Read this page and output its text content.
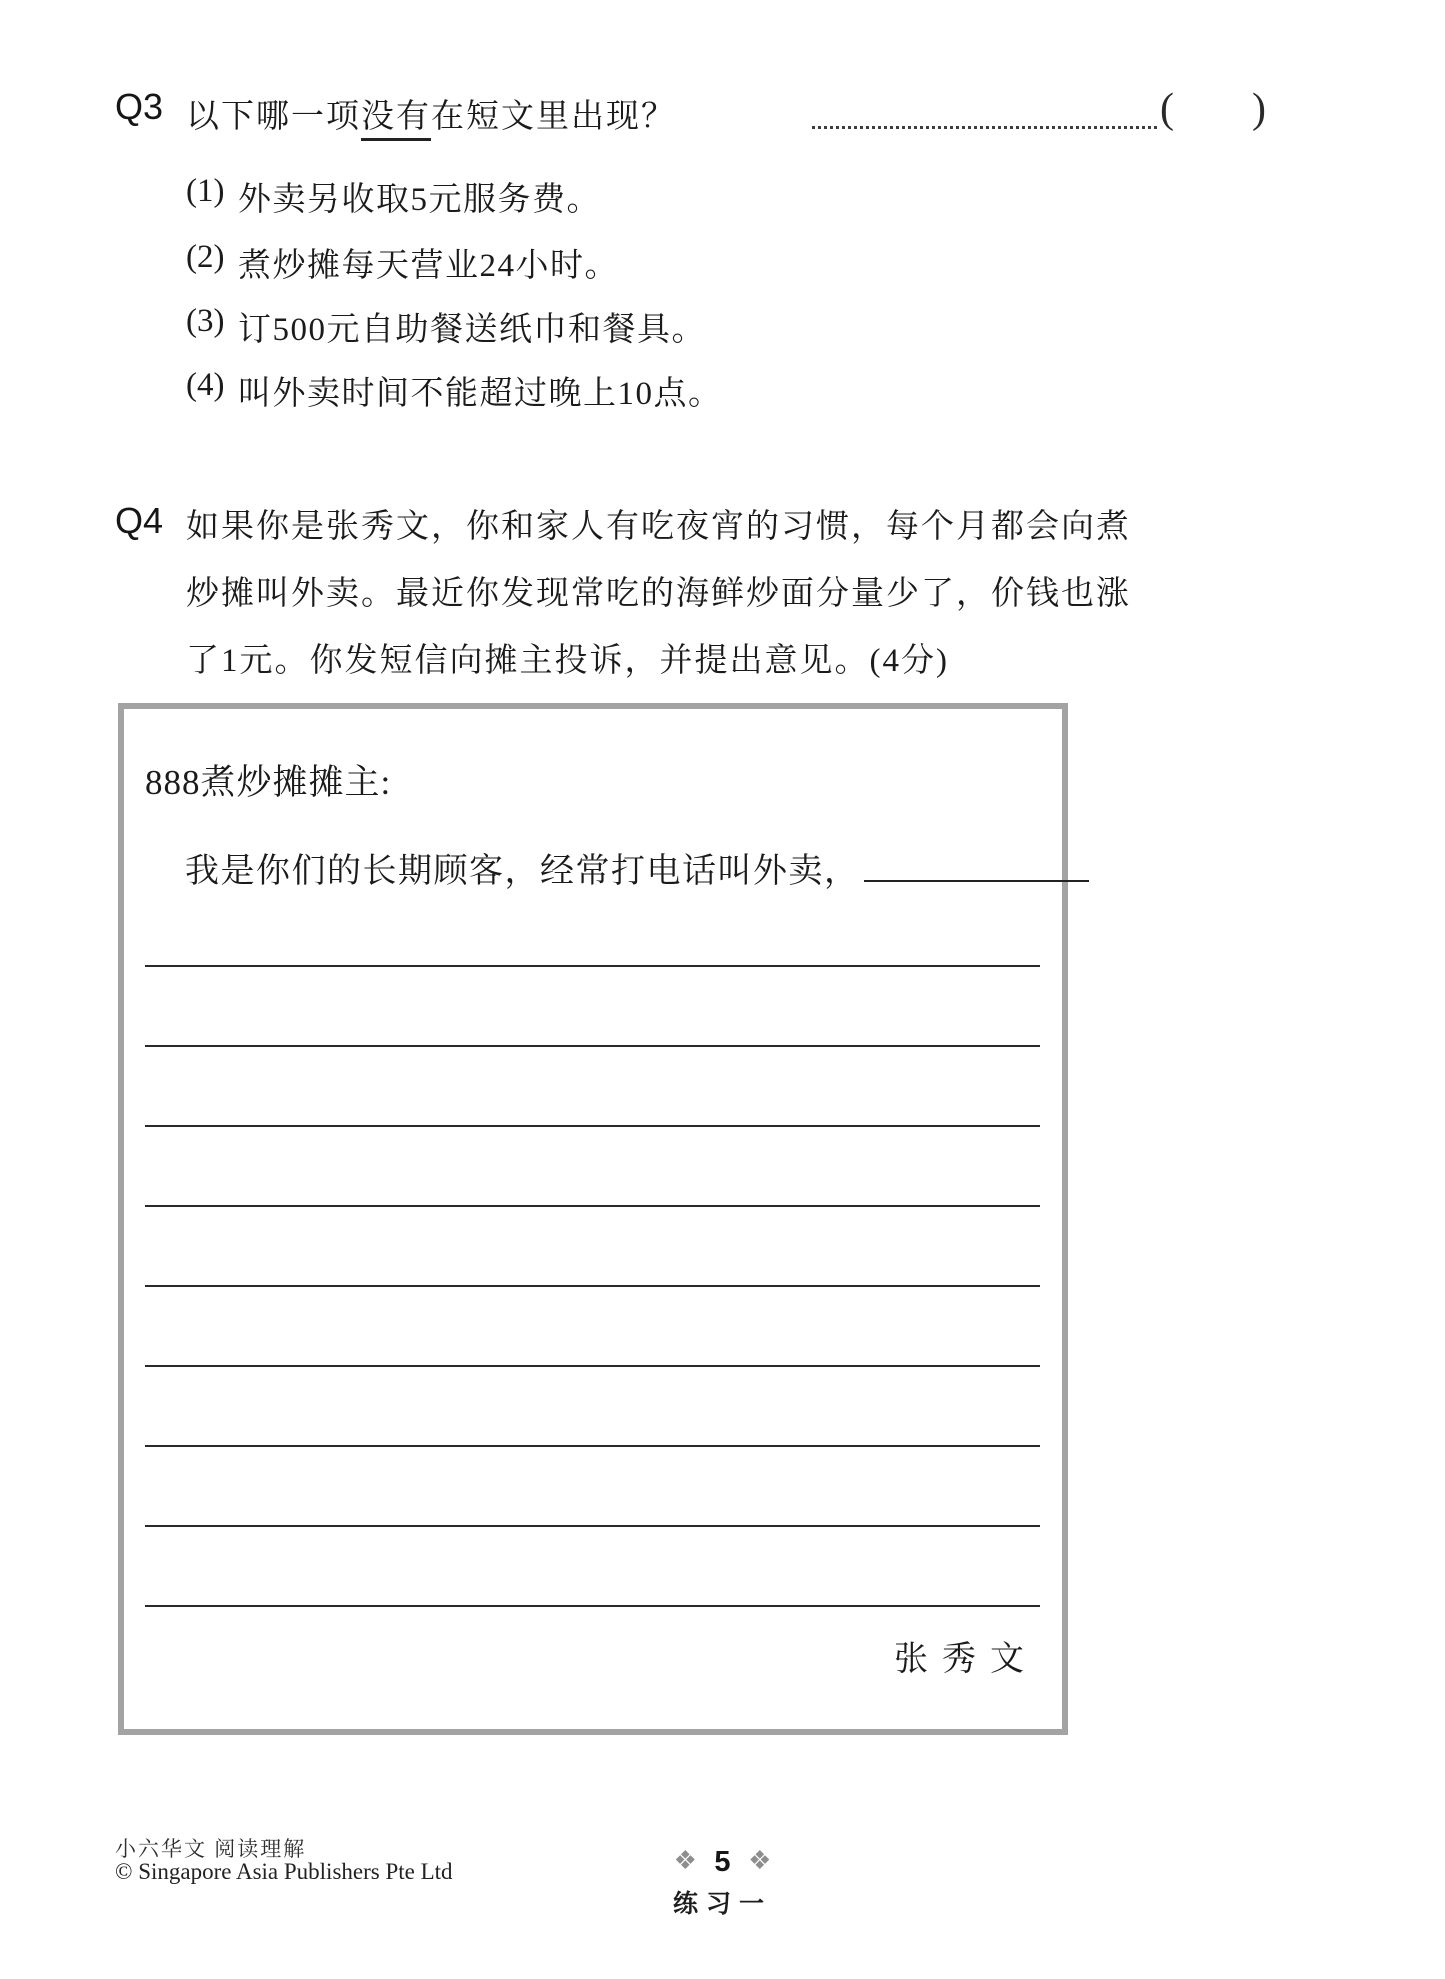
Q3 以下哪一项没有在短文里出现？	( )
(1) 外卖另收取5元服务费。
(2) 煮炒摊每天营业24小时。
(3) 订500元自助餐送纸巾和餐具。
(4) 叫外卖时间不能超过晚上10点。
Q4 如果你是张秀文，你和家人有吃夜宵的习惯，每个月都会向煮
炒摊叫外卖。最近你发现常吃的海鲜炒面分量少了，价钱也涨
了1元。你发短信向摊主投诉，并提出意见。(4分)
888煮炒摊摊主:
我是你们的长期顾客，经常打电话叫外卖，
张秀文
小六华文 阅读理解
© Singapore Asia Publishers Pte Ltd	❖ 5 ❖
练习一
